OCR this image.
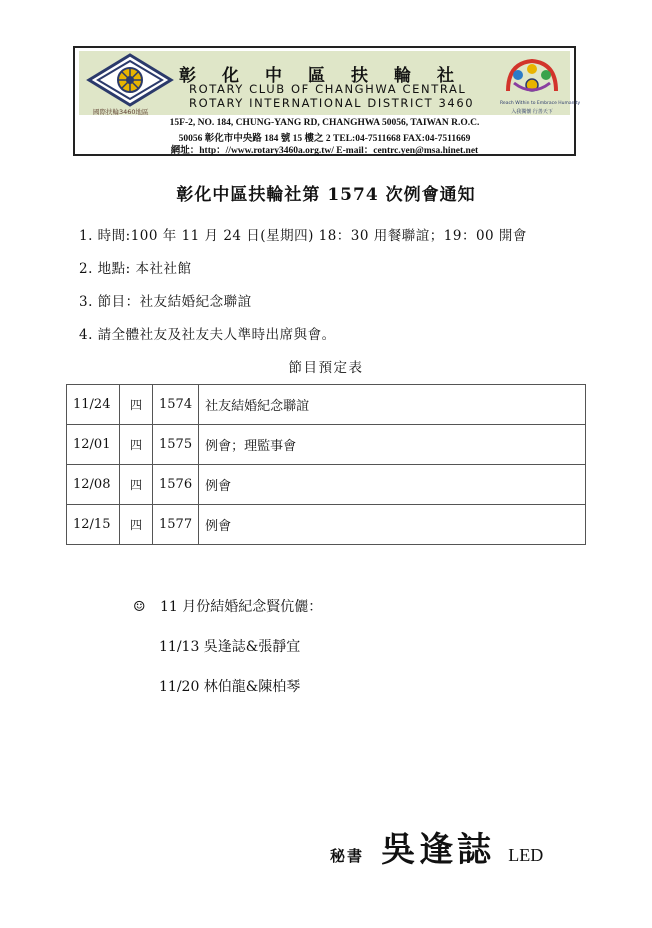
國際扶輪3460地區
彰化中區扶輪社
ROTARY CLUB OF CHANGHWA CENTRAL
ROTARY INTERNATIONAL DISTRICT 3460	Reach Within to Embrace Humanity
入我獨懷 行善天下
15F-2, NO. 184, CHUNG-YANG RD, CHANGHWA 50056, TAIWAN R.O.C.
50056 彰化市中央路 184 號 15 樓之 2 TEL:04-7511668 FAX:04-7511669
網址：http：//www.rotary3460a.org.tw/ E-mail：centrc.yen@msa.hinet.net
彰化中區扶輪社第 1574 次例會通知
1. 時間:100 年 11 月 24 日(星期四) 18：30 用餐聯誼；19：00 開會
2. 地點: 本社社館
3. 節目：社友結婚紀念聯誼
4. 請全體社友及社友夫人準時出席與會。
節目預定表
11/24	四	1574	社友結婚紀念聯誼
12/01	四	1575	例會；理監事會
12/08	四	1576	例會
12/15	四	1577	例會
☺ 11 月份結婚紀念賢伉儷：
11/13 吳逢誌&張靜宜
11/20 林伯龍&陳柏琴
秘書 吳逢誌 LED
